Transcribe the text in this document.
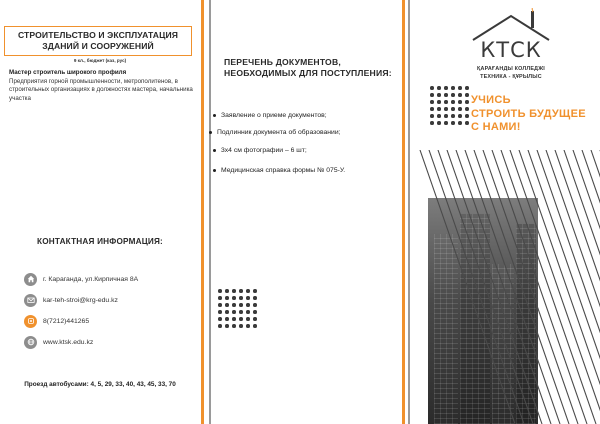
СТРОИТЕЛЬСТВО И ЭКСПЛУАТАЦИЯ
ЗДАНИЙ И СООРУЖЕНИЙ
9 кл., бюджет (каз, рус)
Мастер строитель широкого профиля
Предприятия горной промышленности, метрополитенов, в строительных организациях в должностях мастера, начальника участка
КОНТАКТНАЯ ИНФОРМАЦИЯ:
г. Караганда, ул.Кирпичная 8А
kar-teh-stroi@krg-edu.kz
8(7212)441265
www.ktsk.edu.kz
Проезд автобусами: 4, 5, 29, 33, 40, 43, 45, 33, 70
ПЕРЕЧЕНЬ ДОКУМЕНТОВ,
НЕОБХОДИМЫХ ДЛЯ ПОСТУПЛЕНИЯ:
Заявление о приеме документов;
Подлинник документа об образовании;
3х4 см фотографии – 6 шт;
Медицинская справка формы № 075-У.
КТСК
ҚАРАҒАНДЫ КОЛЛЕДЖІ
ТЕХНИКА - ҚҰРЫЛЫС
УЧИСЬ
СТРОИТЬ БУДУЩЕЕ
С НАМИ!
